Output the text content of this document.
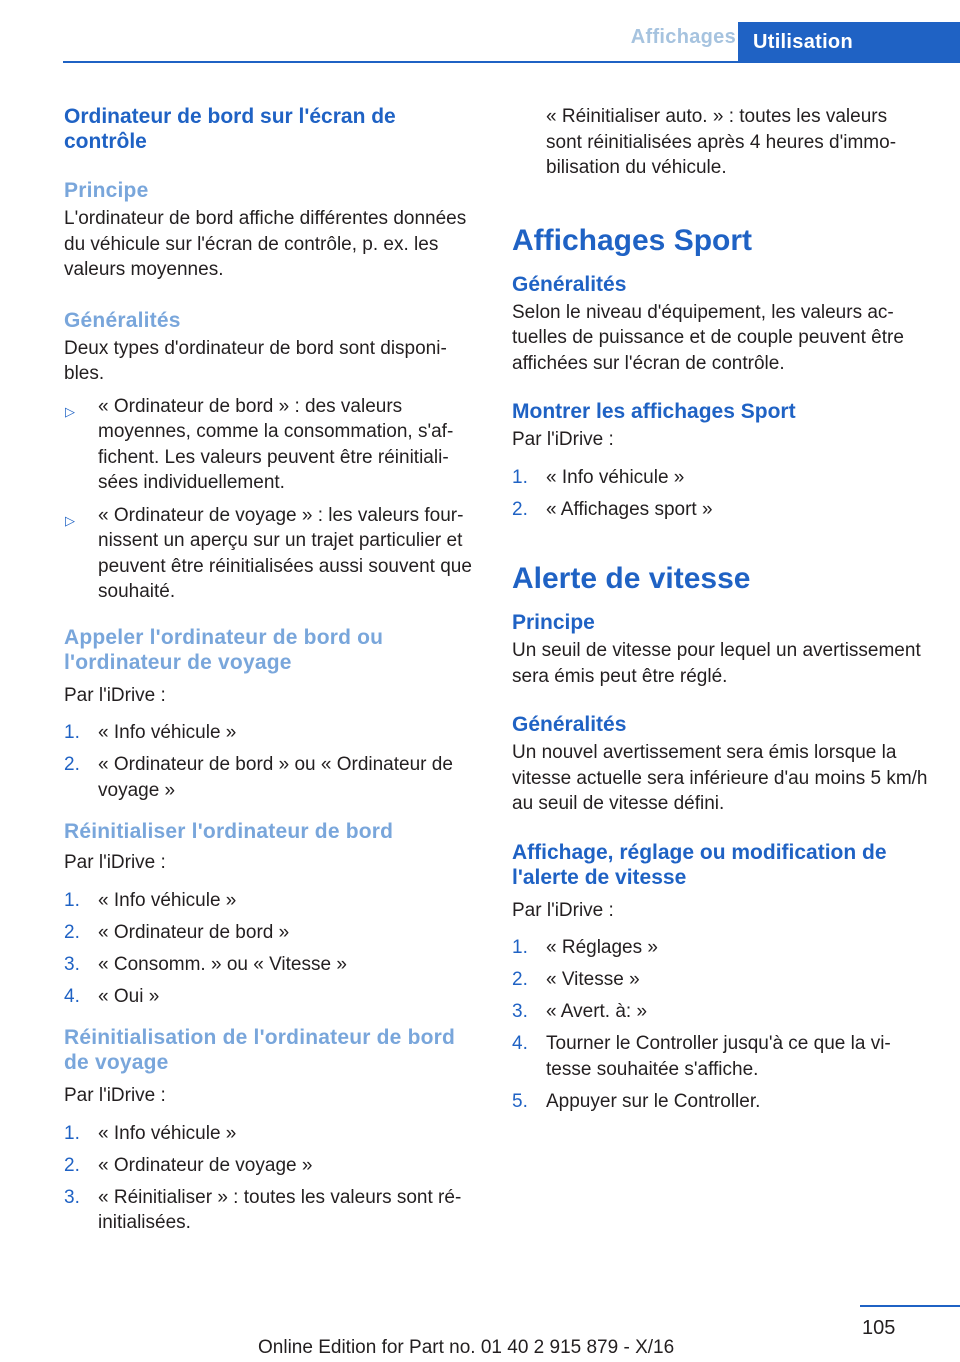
Affichages Utilisation
Ordinateur de bord sur l'écran de contrôle
Principe

L'ordinateur de bord affiche différentes données du véhicule sur l'écran de contrôle, p. ex. les valeurs moyennes.

Généralités

Deux types d'ordinateur de bord sont disponibles.

▷ « Ordinateur de bord » : des valeurs moyennes, comme la consommation, s'affichent. Les valeurs peuvent être réinitialisées individuellement.
▷ « Ordinateur de voyage » : les valeurs fournissent un aperçu sur un trajet particulier et peuvent être réinitialisées aussi souvent que souhaité.
Appeler l'ordinateur de bord ou l'ordinateur de voyage

Par l'iDrive :

1. « Info véhicule »
2. « Ordinateur de bord » ou « Ordinateur de voyage »
Réinitialiser l'ordinateur de bord

Par l'iDrive :

1. « Info véhicule »
2. « Ordinateur de bord »
3. « Consomm. » ou « Vitesse »
4. « Oui »
Réinitialisation de l'ordinateur de bord de voyage

Par l'iDrive :

1. « Info véhicule »
2. « Ordinateur de voyage »
3. « Réinitialiser » : toutes les valeurs sont réinitialisées.

« Réinitialiser auto. » : toutes les valeurs sont réinitialisées après 4 heures d'immobilisation du véhicule.

Affichages Sport
Généralités

Selon le niveau d'équipement, les valeurs actuelles de puissance et de couple peuvent être affichées sur l'écran de contrôle.

Montrer les affichages Sport

Par l'iDrive :

1. « Info véhicule »
2. « Affichages sport »
Alerte de vitesse
Principe

Un seuil de vitesse pour lequel un avertissement sera émis peut être réglé.

Généralités

Un nouvel avertissement sera émis lorsque la vitesse actuelle sera inférieure d'au moins 5 km/h au seuil de vitesse défini.

Affichage, réglage ou modification de l'alerte de vitesse

Par l'iDrive :

1. « Réglages »
2. « Vitesse »
3. « Avert. à: »
4. Tourner le Controller jusqu'à ce que la vitesse souhaitée s'affiche.
5. Appuyer sur le Controller.
105
Online Edition for Part no. 01 40 2 915 879 - X/16
